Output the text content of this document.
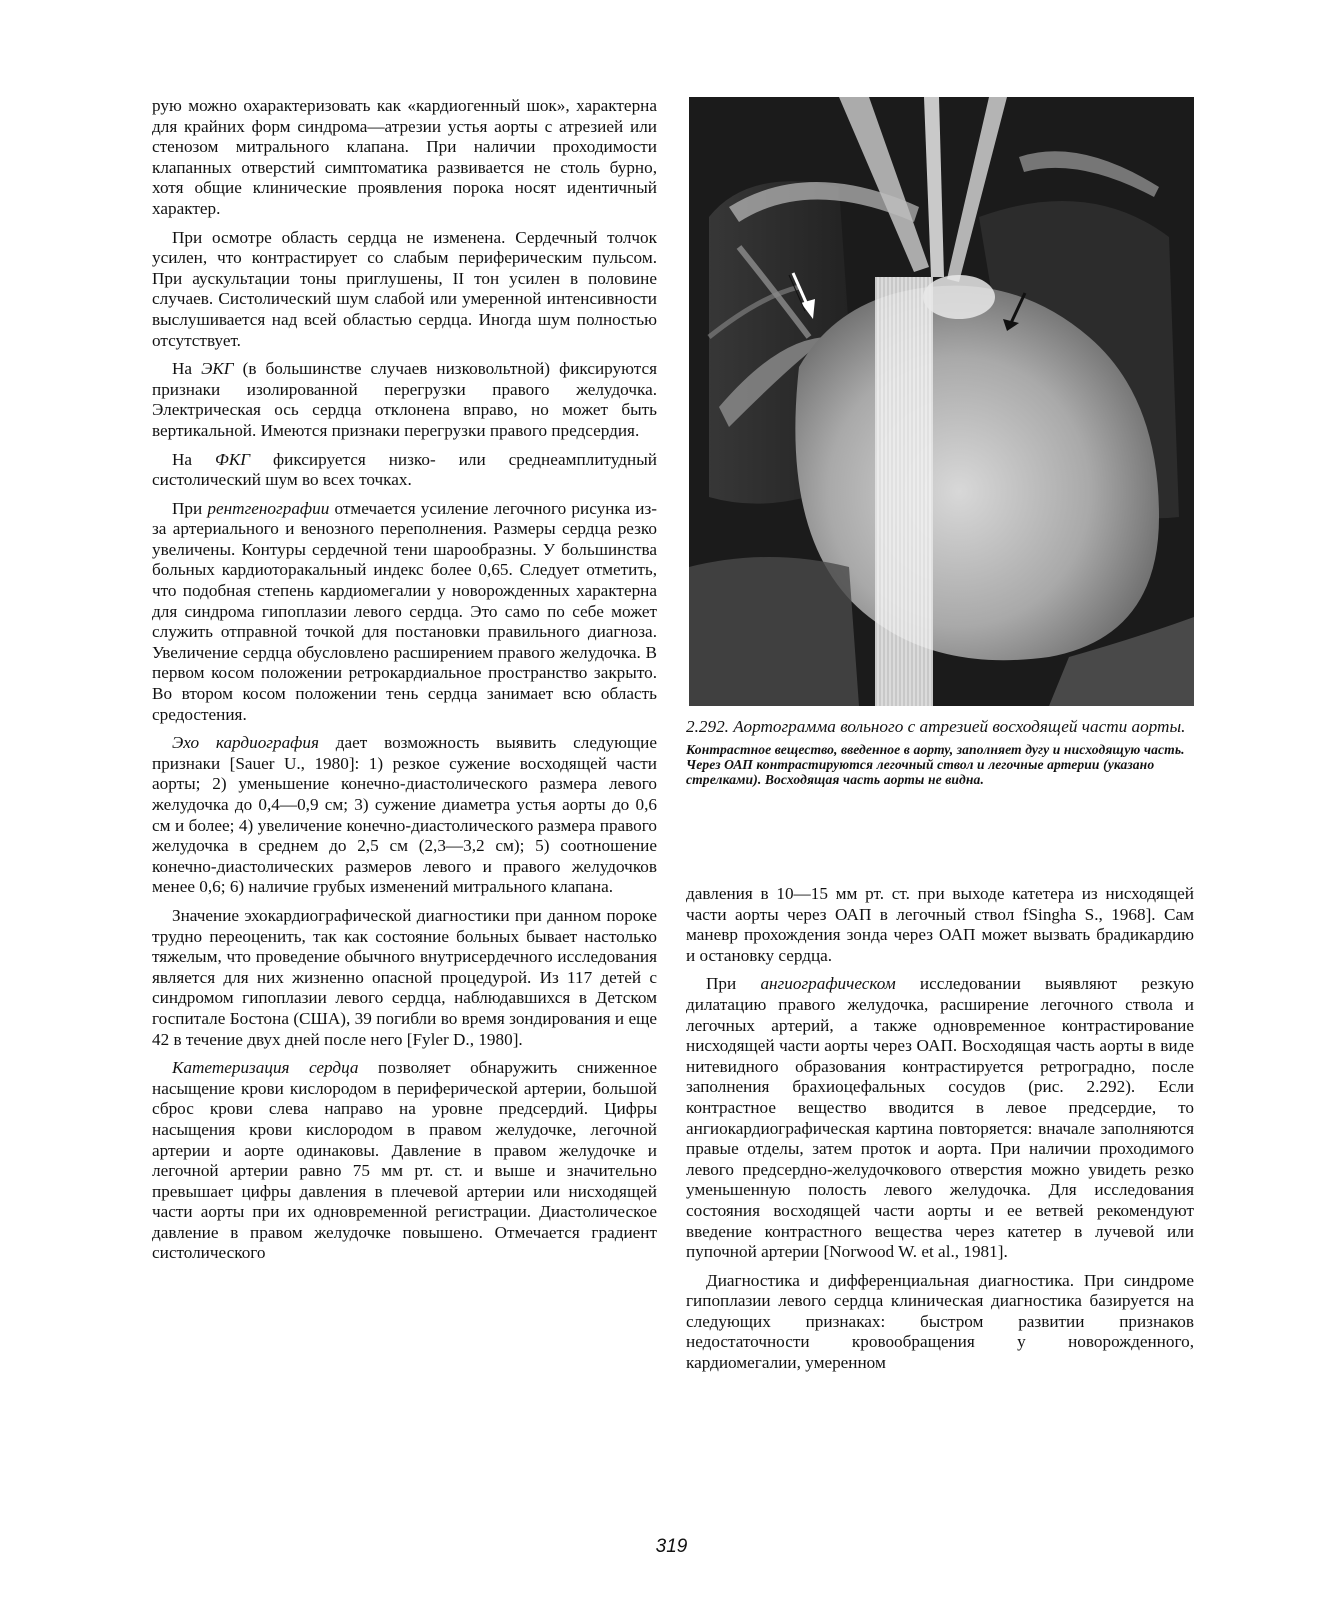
рую можно охарактеризовать как «кардиогенный шок», характерна для крайних форм синдрома—атрезии устья аорты с атрезией или стенозом митрального клапана. При наличии проходимости клапанных отверстий симптоматика развивается не столь бурно, хотя общие клинические проявления порока носят идентичный характер.

При осмотре область сердца не изменена. Сердечный толчок усилен, что контрастирует со слабым периферическим пульсом. При аускультации тоны приглушены, II тон усилен в половине случаев. Систолический шум слабой или умеренной интенсивности выслушивается над всей областью сердца. Иногда шум полностью отсутствует.

На ЭКГ (в большинстве случаев низковольтной) фиксируются признаки изолированной перегрузки правого желудочка. Электрическая ось сердца отклонена вправо, но может быть вертикальной. Имеются признаки перегрузки правого предсердия.

На ФКГ фиксируется низко- или среднеамплитудный систолический шум во всех точках.

При рентгенографии отмечается усиление легочного рисунка из-за артериального и венозного переполнения. Размеры сердца резко увеличены. Контуры сердечной тени шарообразны. У большинства больных кардиоторакальный индекс более 0,65. Следует отметить, что подобная степень кардиомегалии у новорожденных характерна для синдрома гипоплазии левого сердца. Это само по себе может служить отправной точкой для постановки правильного диагноза. Увеличение сердца обусловлено расширением правого желудочка. В первом косом положении ретрокардиальное пространство закрыто. Во втором косом положении тень сердца занимает всю область средостения.

Эхо кардиография дает возможность выявить следующие признаки [Sauer U., 1980]: 1) резкое сужение восходящей части аорты; 2) уменьшение конечно-диастолического размера левого желудочка до 0,4—0,9 см; 3) сужение диаметра устья аорты до 0,6 см и более; 4) увеличение конечно-диастолического размера правого желудочка в среднем до 2,5 см (2,3—3,2 см); 5) соотношение конечно-диастолических размеров левого и правого желудочков менее 0,6; 6) наличие грубых изменений митрального клапана.

Значение эхокардиографической диагностики при данном пороке трудно переоценить, так как состояние больных бывает настолько тяжелым, что проведение обычного внутрисердечного исследования является для них жизненно опасной процедурой. Из 117 детей с синдромом гипоплазии левого сердца, наблюдавшихся в Детском госпитале Бостона (США), 39 погибли во время зондирования и еще 42 в течение двух дней после него [Fyler D., 1980].

Катетеризация сердца позволяет обнаружить сниженное насыщение крови кислородом в периферической артерии, большой сброс крови слева направо на уровне предсердий. Цифры насыщения крови кислородом в правом желудочке, легочной артерии и аорте одинаковы. Давление в правом желудочке и легочной артерии равно 75 мм рт. ст. и выше и значительно превышает цифры давления в плечевой артерии или нисходящей части аорты при их одновременной регистрации. Диастолическое давление в правом желудочке повышено. Отмечается градиент систолического

2.292. Аортограмма вольного с атрезией восходящей части аорты.

Контрастное вещество, введенное в аорту, заполняет дугу и нисходящую часть. Через ОАП контрастируются легочный ствол и легочные артерии (указано стрелками). Восходящая часть аорты не видна.

давления в 10—15 мм рт. ст. при выходе катетера из нисходящей части аорты через ОАП в легочный ствол fSingha S., 1968]. Сам маневр прохождения зонда через ОАП может вызвать брадикардию и остановку сердца.

При ангиографическом исследовании выявляют резкую дилатацию правого желудочка, расширение легочного ствола и легочных артерий, а также одновременное контрастирование нисходящей части аорты через ОАП. Восходящая часть аорты в виде нитевидного образования контрастируется ретроградно, после заполнения брахиоцефальных сосудов (рис. 2.292). Если контрастное вещество вводится в левое предсердие, то ангиокардиографическая картина повторяется: вначале заполняются правые отделы, затем проток и аорта. При наличии проходимого левого предсердно-желудочкового отверстия можно увидеть резко уменьшенную полость левого желудочка. Для исследования состояния восходящей части аорты и ее ветвей рекомендуют введение контрастного вещества через катетер в лучевой или пупочной артерии [Norwood W. et al., 1981].

Диагностика и дифференциальная диагностика. При синдроме гипоплазии левого сердца клиническая диагностика базируется на следующих признаках: быстром развитии признаков недостаточности кровообращения у новорожденного, кардиомегалии, умеренном

319
